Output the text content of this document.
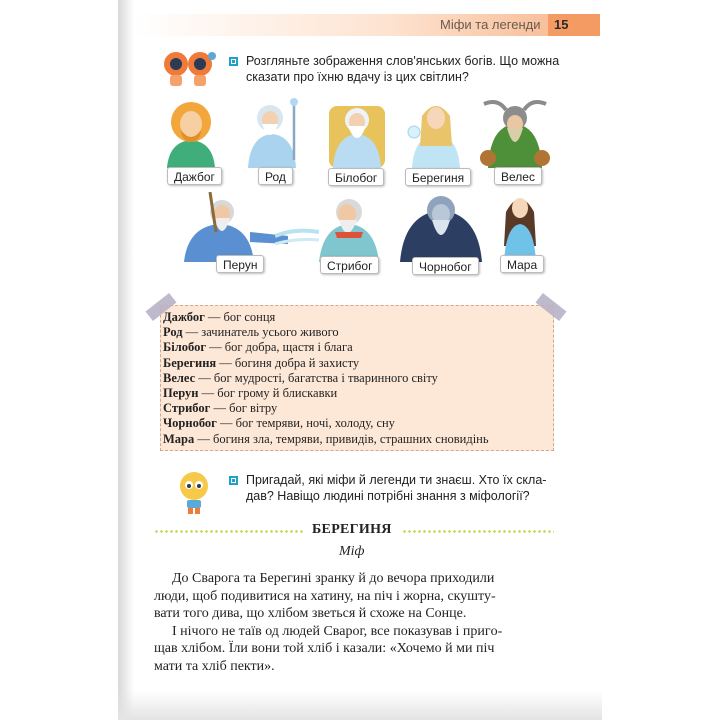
Міфи та легенди 15
Розгляньте зображення слов'янських богів. Що можна
сказати про їхню вдачу із цих світлин?
Дажбог	Род	Білобог	Берегиня	Велес
Перун	Стрибог	Чорнобог	Мара
Дажбог — бог сонця
Род — зачинатель усього живого
Білобог — бог добра, щастя і блага
Берегиня — богиня добра й захисту
Велес — бог мудрості, багатства і тваринного світу
Перун — бог грому й блискавки
Стрибог — бог вітру
Чорнобог — бог темряви, ночі, холоду, сну
Мара — богиня зла, темряви, привидів, страшних сновидінь
Пригадай, які міфи й легенди ти знаєш. Хто їх скла-
дав? Навіщо людині потрібні знання з міфології?
БЕРЕГИНЯ
Міф
До Сварога та Берегині зранку й до вечора приходили
люди, щоб подивитися на хатину, на піч і жорна, скушту-
вати того дива, що хлібом зветься й схоже на Сонце.
І нічого не таїв од людей Сварог, все показував і пригo-
щав хлібом. Їли вони той хліб і казали: «Хочемо й ми піч
мати та хліб пекти».
